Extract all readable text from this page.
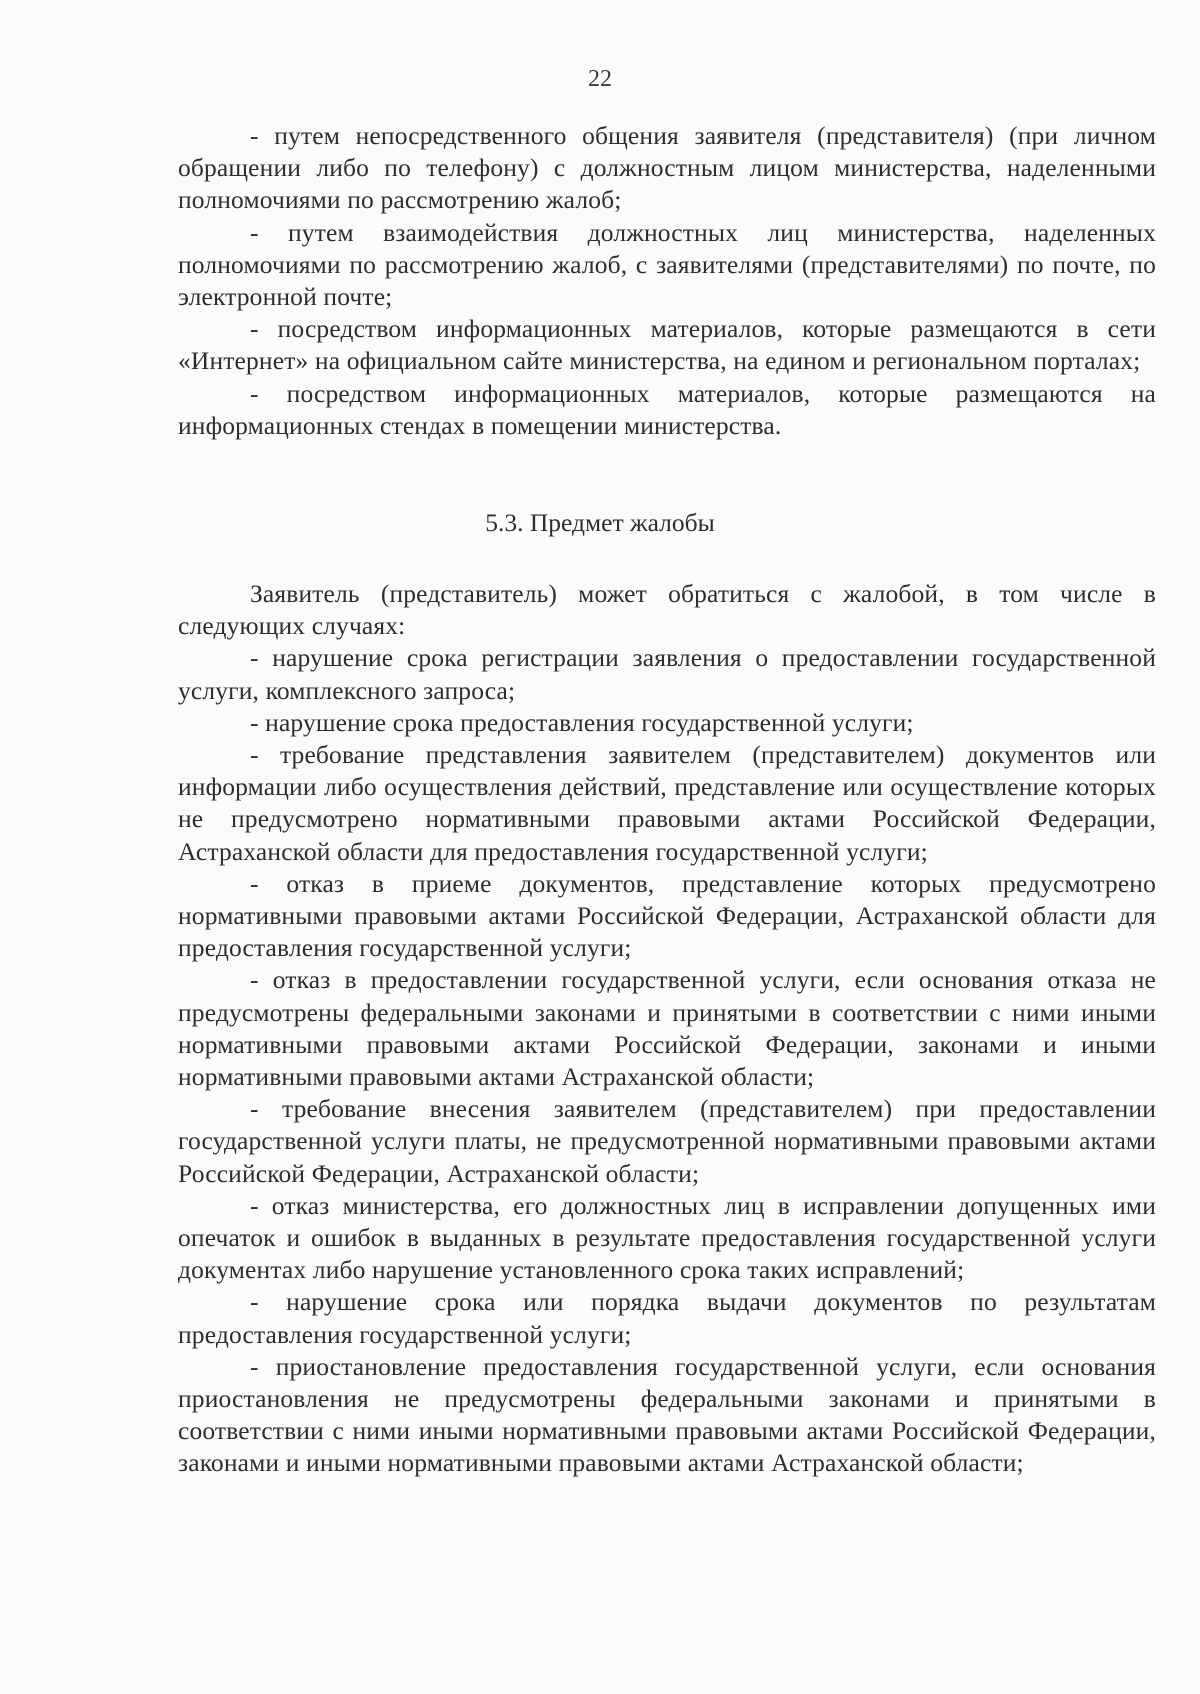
22

- путем непосредственного общения заявителя (представителя) (при личном обращении либо по телефону) с должностным лицом министерства, наделенными полномочиями по рассмотрению жалоб;

- путем взаимодействия должностных лиц министерства, наделенных полномочиями по рассмотрению жалоб, с заявителями (представителями) по почте, по электронной почте;

- посредством информационных материалов, которые размещаются в сети «Интернет» на официальном сайте министерства, на едином и региональном порталах;

- посредством информационных материалов, которые размещаются на информационных стендах в помещении министерства.

5.3. Предмет жалобы

Заявитель (представитель) может обратиться с жалобой, в том числе в следующих случаях:

- нарушение срока регистрации заявления о предоставлении государственной услуги, комплексного запроса;

- нарушение срока предоставления государственной услуги;

- требование представления заявителем (представителем) документов или информации либо осуществления действий, представление или осуществление которых не предусмотрено нормативными правовыми актами Российской Федерации, Астраханской области для предоставления государственной услуги;

- отказ в приеме документов, представление которых предусмотрено нормативными правовыми актами Российской Федерации, Астраханской области для предоставления государственной услуги;

- отказ в предоставлении государственной услуги, если основания отказа не предусмотрены федеральными законами и принятыми в соответствии с ними иными нормативными правовыми актами Российской Федерации, законами и иными нормативными правовыми актами Астраханской области;

- требование внесения заявителем (представителем) при предоставлении государственной услуги платы, не предусмотренной нормативными правовыми актами Российской Федерации, Астраханской области;

- отказ министерства, его должностных лиц в исправлении допущенных ими опечаток и ошибок в выданных в результате предоставления государственной услуги документах либо нарушение установленного срока таких исправлений;

- нарушение срока или порядка выдачи документов по результатам предоставления государственной услуги;

- приостановление предоставления государственной услуги, если основания приостановления не предусмотрены федеральными законами и принятыми в соответствии с ними иными нормативными правовыми актами Российской Федерации, законами и иными нормативными правовыми актами Астраханской области;
